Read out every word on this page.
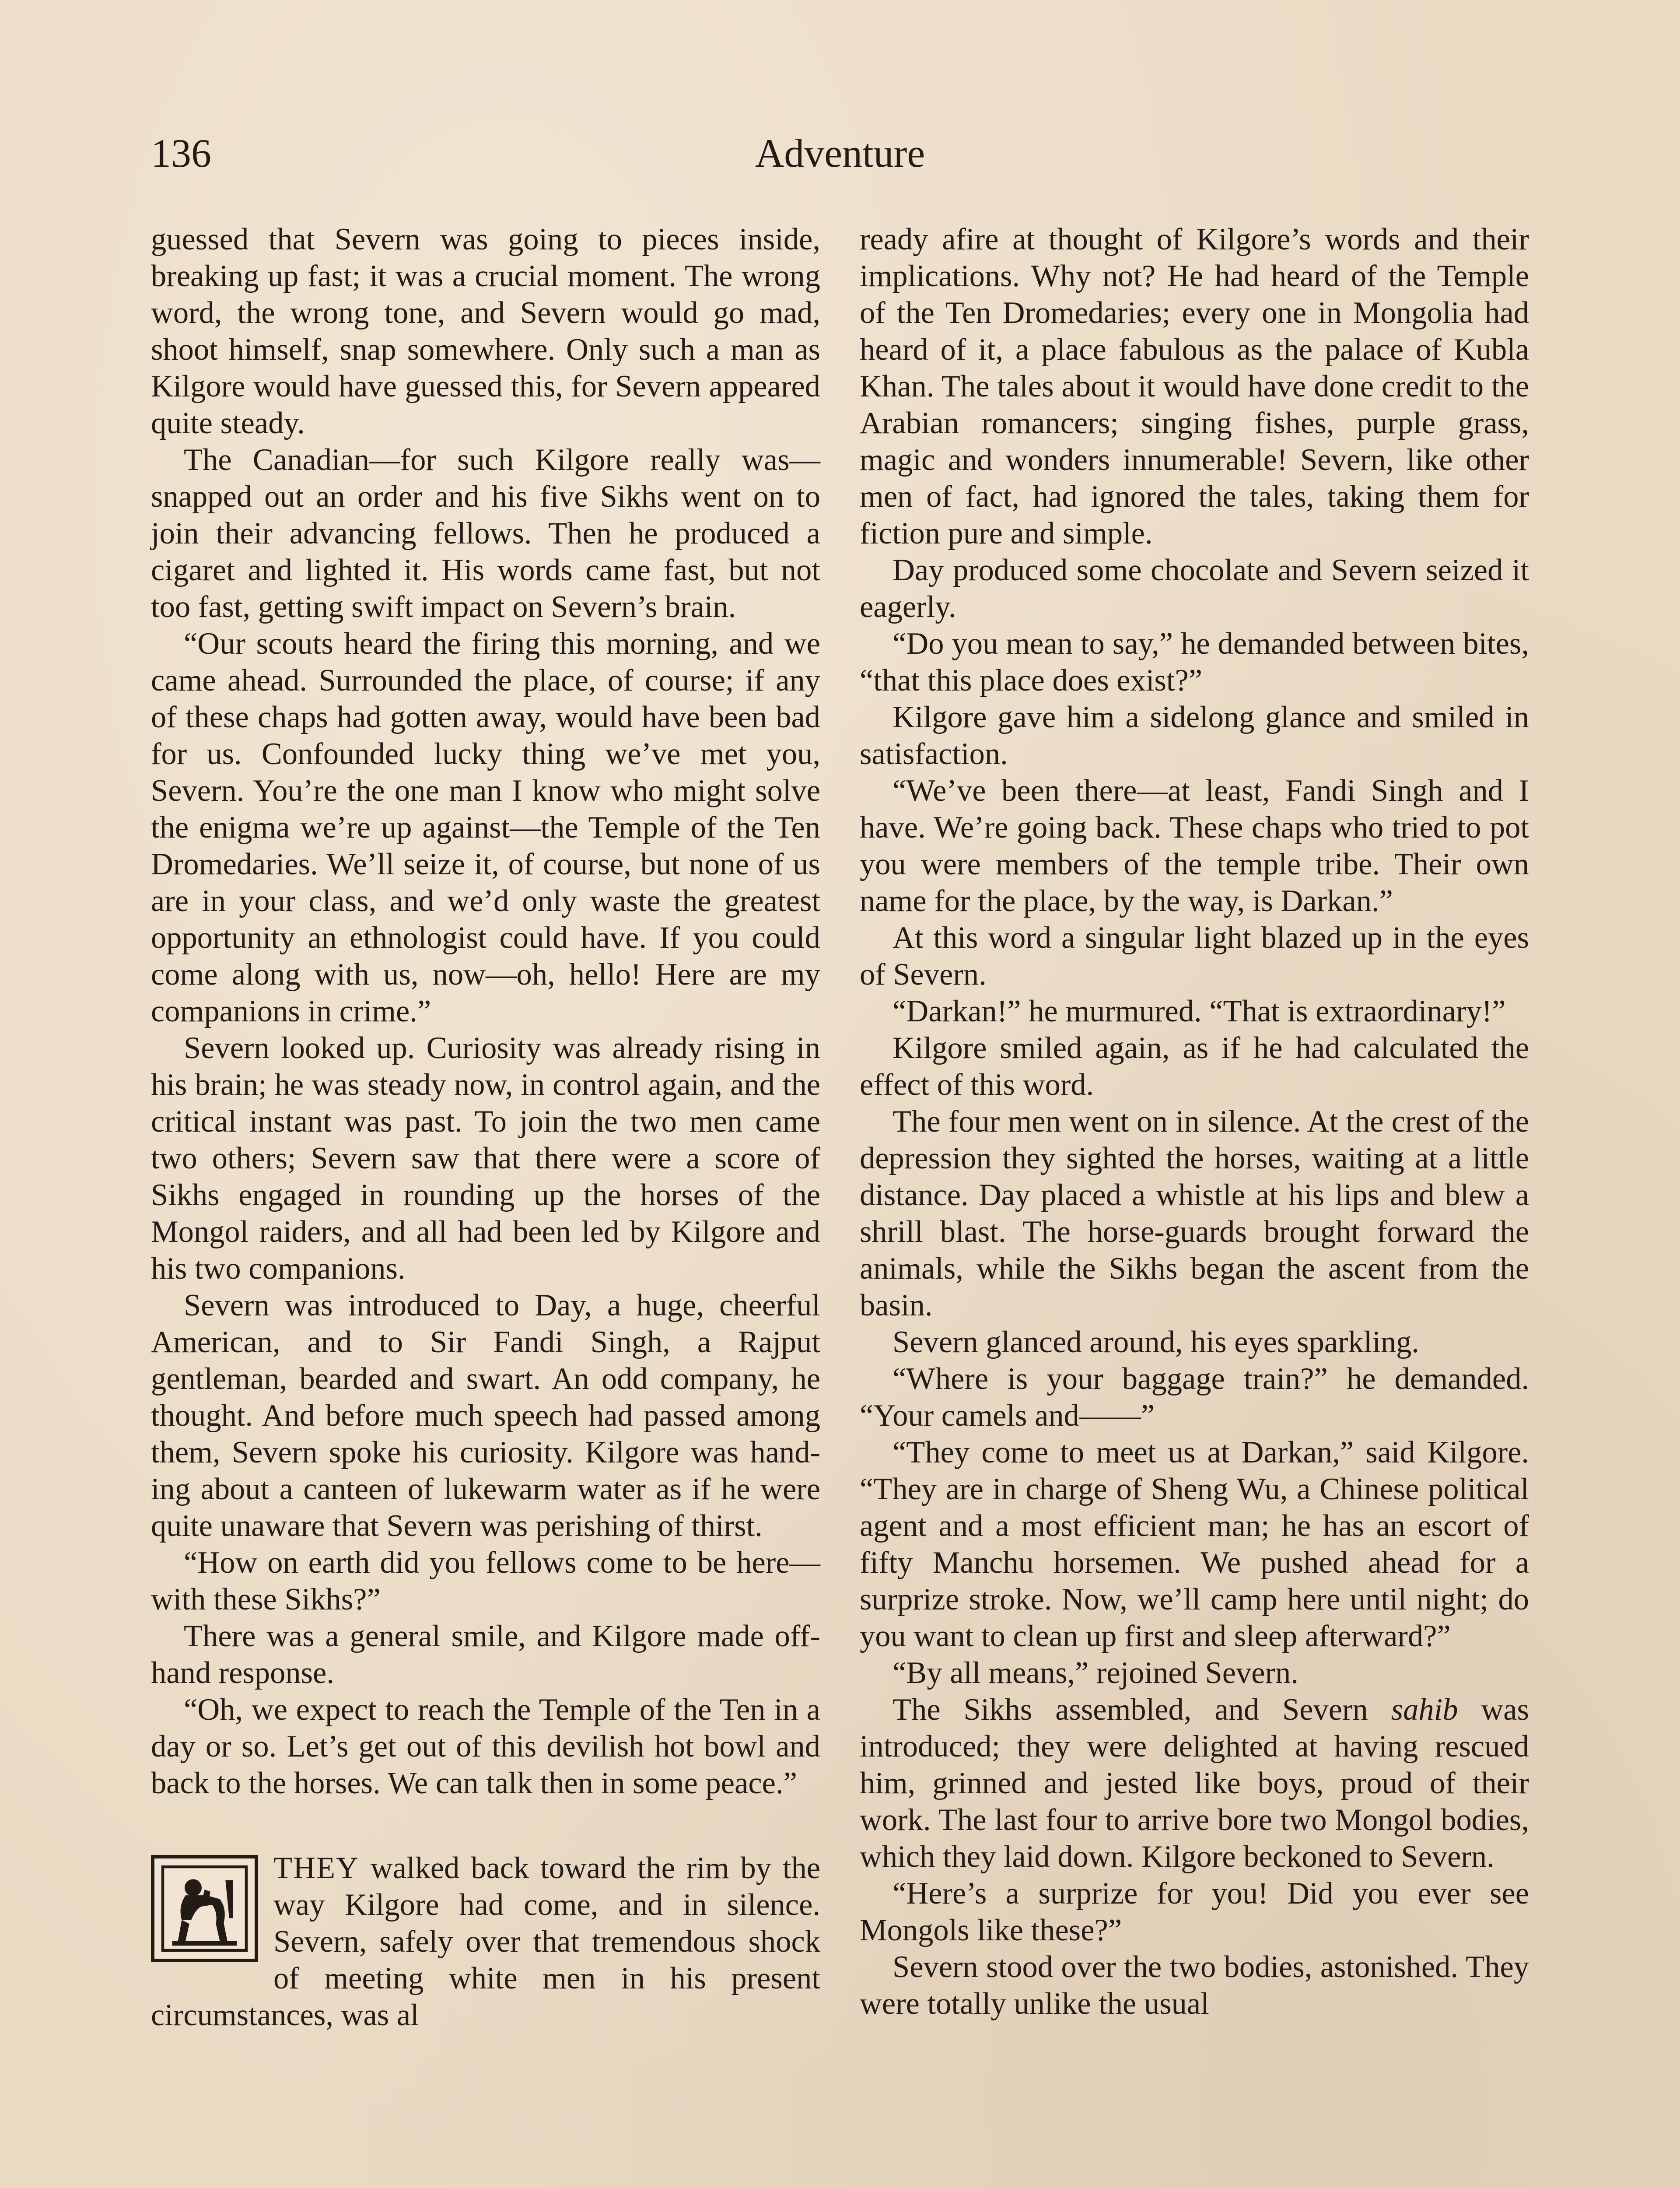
136	Adventure

guessed that Severn was going to pieces inside, breaking up fast; it was a crucial moment. The wrong word, the wrong tone, and Severn would go mad, shoot himself, snap somewhere. Only such a man as Kilgore would have guessed this, for Severn appeared quite steady.

The Canadian—for such Kilgore really was—snapped out an order and his five Sikhs went on to join their advancing fellows. Then he produced a cigaret and lighted it. His words came fast, but not too fast, getting swift impact on Severn’s brain.

“Our scouts heard the firing this morning, and we came ahead. Surrounded the place, of course; if any of these chaps had gotten away, would have been bad for us. Confounded lucky thing we’ve met you, Severn. You’re the one man I know who might solve the enigma we’re up against—the Temple of the Ten Dromedaries. We’ll seize it, of course, but none of us are in your class, and we’d only waste the greatest opportunity an ethnologist could have. If you could come along with us, now—oh, hello! Here are my companions in crime.”

Severn looked up. Curiosity was already rising in his brain; he was steady now, in control again, and the critical instant was past. To join the two men came two others; Severn saw that there were a score of Sikhs engaged in rounding up the horses of the Mongol raiders, and all had been led by Kilgore and his two companions.

Severn was introduced to Day, a huge, cheerful American, and to Sir Fandi Singh, a Rajput gentleman, bearded and swart. An odd company, he thought. And before much speech had passed among them, Severn spoke his curiosity. Kilgore was handing about a canteen of lukewarm water as if he were quite unaware that Severn was perishing of thirst.

“How on earth did you fellows come to be here—with these Sikhs?”

There was a general smile, and Kilgore made off-hand response.

“Oh, we expect to reach the Temple of the Ten in a day or so. Let’s get out of this devilish hot bowl and back to the horses. We can talk then in some peace.”

THEY walked back toward the rim by the way Kilgore had come, and in silence. Severn, safely over that tremendous shock of meeting white men in his present circumstances, was al

ready afire at thought of Kilgore’s words and their implications. Why not? He had heard of the Temple of the Ten Dromedaries; every one in Mongolia had heard of it, a place fabulous as the palace of Kubla Khan. The tales about it would have done credit to the Arabian romancers; singing fishes, purple grass, magic and wonders innumerable! Severn, like other men of fact, had ignored the tales, taking them for fiction pure and simple.

Day produced some chocolate and Severn seized it eagerly.

“Do you mean to say,” he demanded between bites, “that this place does exist?”

Kilgore gave him a sidelong glance and smiled in satisfaction.

“We’ve been there—at least, Fandi Singh and I have. We’re going back. These chaps who tried to pot you were members of the temple tribe. Their own name for the place, by the way, is Darkan.”

At this word a singular light blazed up in the eyes of Severn.

“Darkan!” he murmured. “That is extraordinary!”

Kilgore smiled again, as if he had calculated the effect of this word.

The four men went on in silence. At the crest of the depression they sighted the horses, waiting at a little distance. Day placed a whistle at his lips and blew a shrill blast. The horse-guards brought forward the animals, while the Sikhs began the ascent from the basin.

Severn glanced around, his eyes sparkling.

“Where is your baggage train?” he demanded. “Your camels and——”

“They come to meet us at Darkan,” said Kilgore. “They are in charge of Sheng Wu, a Chinese political agent and a most efficient man; he has an escort of fifty Manchu horsemen. We pushed ahead for a surprize stroke. Now, we’ll camp here until night; do you want to clean up first and sleep afterward?”

“By all means,” rejoined Severn.

The Sikhs assembled, and Severn sahib was introduced; they were delighted at having rescued him, grinned and jested like boys, proud of their work. The last four to arrive bore two Mongol bodies, which they laid down. Kilgore beckoned to Severn.

“Here’s a surprize for you! Did you ever see Mongols like these?”

Severn stood over the two bodies, astonished. They were totally unlike the usual
